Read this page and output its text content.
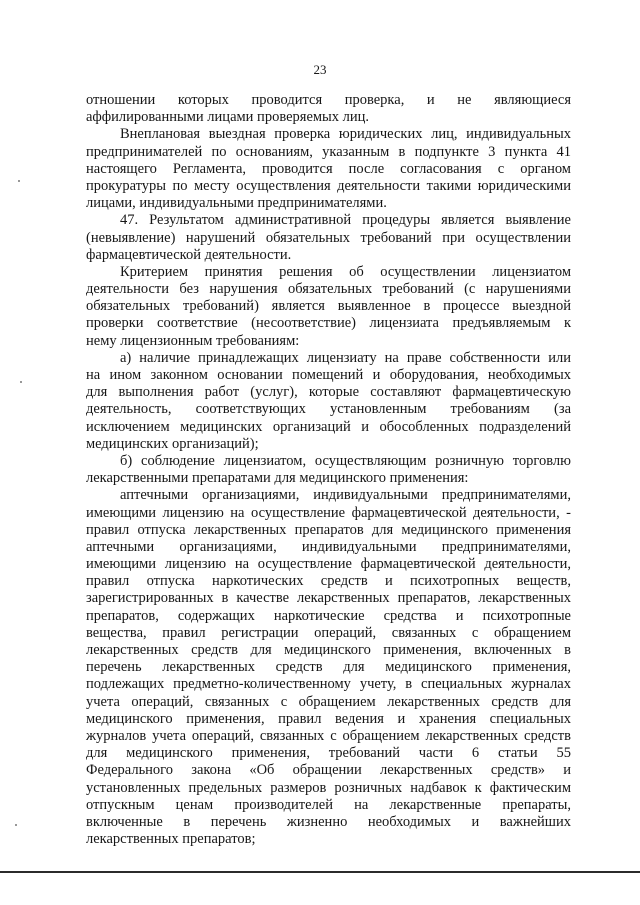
23
отношении которых проводится проверка, и не являющиеся
аффилированными лицами проверяемых лиц.
Внеплановая выездная проверка юридических лиц, индивидуальных
предпринимателей по основаниям, указанным в подпункте 3 пункта 41
настоящего Регламента, проводится после согласования с органом
прокуратуры по месту осуществления деятельности такими юридическими
лицами, индивидуальными предпринимателями.
47. Результатом административной процедуры является выявление
(невыявление) нарушений обязательных требований при осуществлении
фармацевтической деятельности.
Критерием принятия решения об осуществлении лицензиатом
деятельности без нарушения обязательных требований (с нарушениями
обязательных требований) является выявленное в процессе выездной
проверки соответствие (несоответствие) лицензиата предъявляемым к
нему лицензионным требованиям:
а) наличие принадлежащих лицензиату на праве собственности или
на ином законном основании помещений и оборудования, необходимых
для выполнения работ (услуг), которые составляют фармацевтическую
деятельность, соответствующих установленным требованиям (за
исключением медицинских организаций и обособленных подразделений
медицинских организаций);
б) соблюдение лицензиатом, осуществляющим розничную торговлю
лекарственными препаратами для медицинского применения:
аптечными организациями, индивидуальными предпринимателями,
имеющими лицензию на осуществление фармацевтической деятельности, -
правил отпуска лекарственных препаратов для медицинского применения
аптечными организациями, индивидуальными предпринимателями,
имеющими лицензию на осуществление фармацевтической деятельности,
правил отпуска наркотических средств и психотропных веществ,
зарегистрированных в качестве лекарственных препаратов, лекарственных
препаратов, содержащих наркотические средства и психотропные
вещества, правил регистрации операций, связанных с обращением
лекарственных средств для медицинского применения, включенных в
перечень лекарственных средств для медицинского применения,
подлежащих предметно-количественному учету, в специальных журналах
учета операций, связанных с обращением лекарственных средств для
медицинского применения, правил ведения и хранения специальных
журналов учета операций, связанных с обращением лекарственных средств
для медицинского применения, требований части 6 статьи 55
Федерального закона «Об обращении лекарственных средств» и
установленных предельных размеров розничных надбавок к фактическим
отпускным ценам производителей на лекарственные препараты,
включенные в перечень жизненно необходимых и важнейших
лекарственных препаратов;
